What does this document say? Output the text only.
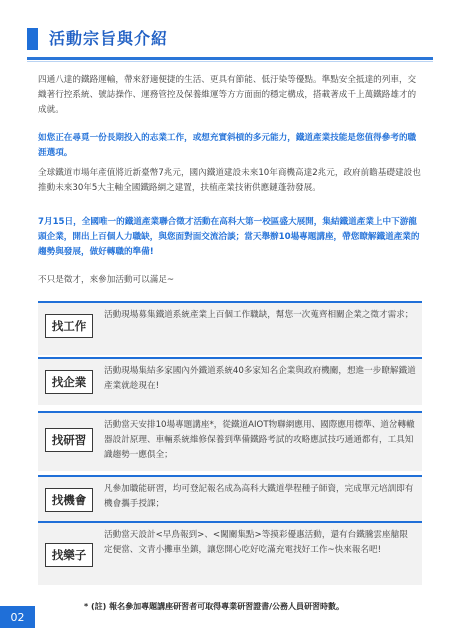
活動宗旨與介紹

四通八達的鐵路運輸，帶來舒適便捷的生活、更具有節能、低汙染等優點。準點安全抵達的列車，交織著行控系統、號誌操作、運務管控及保養維運等方方面面的穩定構成，搭載著成千上萬鐵路雄才的成就。

如您正在尋覓一份長期投入的志業工作，或想充實斜槓的多元能力，鐵道產業技能是您值得參考的職涯選項。

全球鐵道市場年產值將近新臺幣7兆元，國內鐵道建設未來10年商機高達2兆元，政府前瞻基礎建設也推動未來30年5大主軸全國鐵路網之建置，扶植產業技術供應鏈蓬勃發展。

7月15日，全國唯一的鐵道產業聯合徵才活動在高科大第一校區盛大展開，集結鐵道產業上中下游龍頭企業，開出上百個人力職缺，與您面對面交流洽談；當天舉辦10場專題講座，帶您瞭解鐵道產業的趨勢與發展，做好轉職的準備!

不只是徵才，來參加活動可以滿足~

找工作
活動現場募集鐵道系統產業上百個工作職缺，幫您一次蒐齊相關企業之徵才需求；
找企業
活動現場集結多家國內外鐵道系統40多家知名企業與政府機關，想進一步瞭解鐵道產業就趁現在!
找研習
活動當天安排10場專題講座*，從鐵道AIOT物聯網應用、國際應用標準、道岔轉轍器設計原理、車輛系統維修保養到準備鐵路考試的攻略應試技巧通通都有，工具知識趨勢一應俱全；
找機會
凡參加職能研習，均可登記報名成為高科大鐵道學程種子師資，完成單元培訓即有機會攜手授課；
找樂子
活動當天設計<早鳥報到>、<闖關集點>等摸彩優惠活動，還有台鐵騰雲座艙限定便當、文青小攤車坐鎮，讓您開心吃好吃滿充電找好工作~快來報名吧!
* (註) 報名參加專題講座研習者可取得專業研習證書/公務人員研習時數。
02
